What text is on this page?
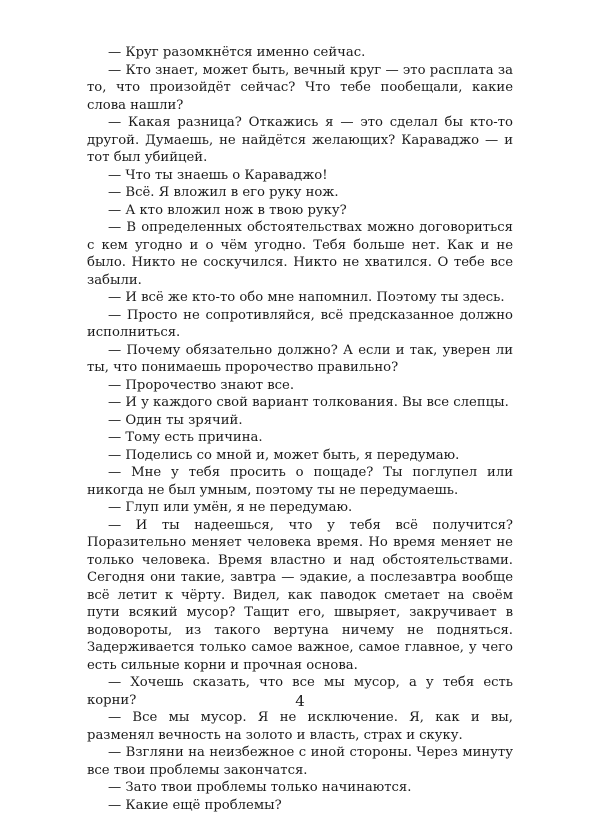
— Круг разомкнётся именно сейчас.

— Кто знает, может быть, вечный круг — это расплата за то, что произойдёт сейчас? Что тебе пообещали, какие слова нашли?

— Какая разница? Откажись я — это сделал бы кто-то другой. Думаешь, не найдётся желающих? Караваджо — и тот был убийцей.

— Что ты знаешь о Караваджо!

— Всё. Я вложил в его руку нож.

— А кто вложил нож в твою руку?

— В определенных обстоятельствах можно договориться с кем угодно и о чём угодно. Тебя больше нет. Как и не было. Никто не соскучился. Никто не хватился. О тебе все забыли.

— И всё же кто-то обо мне напомнил. Поэтому ты здесь.

— Просто не сопротивляйся, всё предсказанное должно исполниться.

— Почему обязательно должно? А если и так, уверен ли ты, что понимаешь пророчество правильно?

— Пророчество знают все.

— И у каждого свой вариант толкования. Вы все слепцы.

— Один ты зрячий.

— Тому есть причина.

— Поделись со мной и, может быть, я передумаю.

— Мне у тебя просить о пощаде? Ты поглупел или никогда не был умным, поэтому ты не передумаешь.

— Глуп или умён, я не передумаю.

— И ты надеешься, что у тебя всё получится? Поразительно меняет человека время. Но время меняет не только человека. Время властно и над обстоятельствами. Сегодня они такие, завтра — эдакие, а послезавтра вообще всё летит к чёрту. Видел, как паводок сметает на своём пути всякий мусор? Тащит его, швыряет, закручивает в водовороты, из такого вертуна ничему не подняться. Задерживается только самое важное, самое главное, у чего есть сильные корни и прочная основа.

— Хочешь сказать, что все мы мусор, а у тебя есть корни?

— Все мы мусор. Я не исключение. Я, как и вы, разменял вечность на золото и власть, страх и скуку.

— Взгляни на неизбежное с иной стороны. Через минуту все твои проблемы закончатся.

— Зато твои проблемы только начинаются.

— Какие ещё проблемы?

4
